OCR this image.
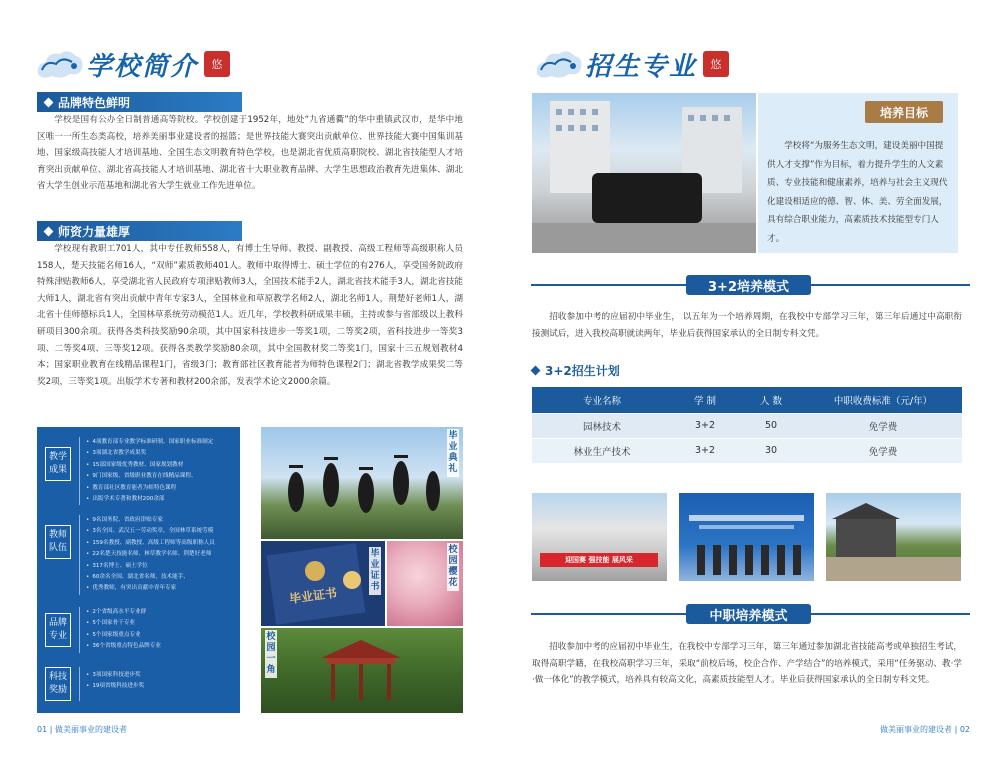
学校简介	悠
品牌特色鲜明

学校是国有公办全日制普通高等院校。学校创建于1952年，地处“九省通衢”的华中重镇武汉市，是华中地区唯一一所生态类高校，培养美丽事业建设者的摇篮；是世界技能大赛突出贡献单位、世界技能大赛中国集训基地、国家级高技能人才培训基地、全国生态文明教育特色学校，也是湖北省优质高职院校、湖北省技能型人才培育突出贡献单位、湖北省高技能人才培训基地、湖北省十大职业教育品牌、大学生思想政治教育先进集体、湖北省大学生创业示范基地和湖北省大学生就业工作先进单位。

师资力量雄厚

学校现有教职工701人，其中专任教师558人，有博士生导师、教授、副教授、高级工程师等高级职称人员158人，楚天技能名师16人，“双师”素质教师401人。教师中取得博士、硕士学位的有276人，享受国务院政府特殊津贴教师6人，享受湖北省人民政府专项津贴教师3人，全国技术能手2人，湖北省技术能手3人，湖北省技能大师1人，湖北省有突出贡献中青年专家3人，全国林业和草原教学名师2人，湖北名师1人，荆楚好老师1人，湖北省十佳师德标兵1人，全国林草系统劳动模范1人。近几年，学校教科研成果丰硕，主持或参与省部级以上教科研项目300余项。获得各类科技奖励90余项，其中国家科技进步一等奖1项，二等奖2项，省科技进步一等奖3项、二等奖4项、三等奖12项。获得各类教学奖励80余项，其中全国教材奖二等奖1门，国家十三五规划教材4本；国家职业教育在线精品课程1门，省级3门；教育部社区教育能者为师特色课程2门；湖北省教学成果奖二等奖2项，三等奖1项。出版学术专著和教材200余部，发表学术论文2000余篇。

教学成果
• 4项教育部专业教学标准研制、国家职业标准制定
• 3项湖北省教学成果奖
• 15部国家级优秀教材、国家规划教材
• 9门国家级、省级职业教育在线精品课程、
• 教育部社区教育能者为师特色课程
• 出版学术专著和教材200余部
教师队伍
• 9名国务院、省政府津贴专家
• 3名全国、武汉五一劳动奖章，全国林草系统劳模
• 159名教授、副教授、高级工程师等高级职称人员
• 22名楚天技能名师、林草教学名师、荆楚好老师
• 317名博士、硕士学位
• 60余名全国、湖北省名师，技术能手、
• 优秀教师，有突出贡献中青年专家
品牌专业
• 2个省级高水平专业群
• 5个国家骨干专业
• 5个国家级重点专业
• 36个省级重点特色品牌专业
科技奖励
• 3项国家科技进步奖
• 19项省级科技进步奖
毕业典礼
毕业证书
毕业证书
校园樱花
校园一角
01 | 做美丽事业的建设者
招生专业	悠
培养目标

学校将“为服务生态文明，建设美丽中国提供人才支撑”作为目标，着力提升学生的人文素质、专业技能和健康素养，培养与社会主义现代化建设相适应的德、智、体、美、劳全面发展，具有综合职业能力，高素质技术技能型专门人才。

3+2培养模式

招收参加中考的应届初中毕业生， 以五年为一个培养周期，在我校中专部学习三年，第三年后通过中高职衔接测试后，进入我校高职就读两年，毕业后获得国家承认的全日制专科文凭。

3+2招生计划
专业名称	学 制	人 数	中职收费标准（元/年）
园林技术	3+2	50	免学费
林业生产技术	3+2	30	免学费
迎国赛 强技能 展风采
中职培养模式

招收参加中考的应届初中毕业生，在我校中专部学习三年，第三年通过参加湖北省技能高考或单独招生考试，取得高职学籍，在我校高职学习三年，采取“前校后场，校企合作、产学结合”的培养模式，采用“任务驱动、教·学·做一体化”的教学模式，培养具有较高文化，高素质技能型人才。毕业后获得国家承认的全日制专科文凭。

做美丽事业的建设者 | 02
